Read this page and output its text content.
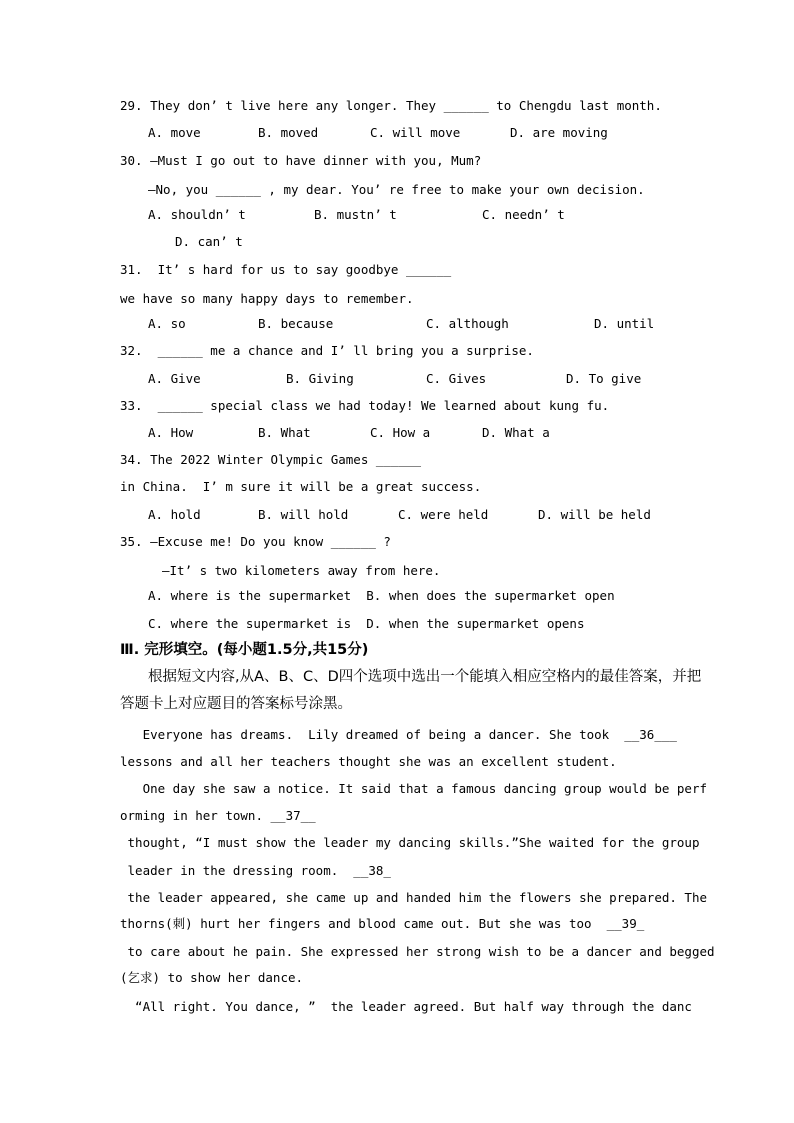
29. They don’ t live here any longer. They ______ to Chengdu last month.
A. move	B. moved	C. will move	D. are moving
30. —Must I go out to have dinner with you, Mum?
—No, you ______ , my dear. You’ re free to make your own decision.
A. shouldn’ t	B. mustn’ t	C. needn’ t
D. can’ t
31.  It’ s hard for us to say goodbye ______
we have so many happy days to remember.
A. so	B. because	C. although	D. until
32.  ______ me a chance and I’ ll bring you a surprise.
A. Give	B. Giving	C. Gives	D. To give
33.  ______ special class we had today! We learned about kung fu.
A. How	B. What	C. How a	D. What a
34. The 2022 Winter Olympic Games ______
in China.  I’ m sure it will be a great success.
A. hold	B. will hold	C. were held	D. will be held
35. —Excuse me! Do you know ______ ?
—It’ s two kilometers away from here.
A. where is the supermarket  B. when does the supermarket open
C. where the supermarket is  D. when the supermarket opens
Ⅲ. 完形填空。(每小题1.5分,共15分)
根据短文内容,从A、B、C、D四个选项中选出一个能填入相应空格内的最佳答案，并把
答题卡上对应题目的答案标号涂黑。
Everyone has dreams.  Lily dreamed of being a dancer. She took  __36___
lessons and all her teachers thought she was an excellent student.
One day she saw a notice. It said that a famous dancing group would be perf
orming in her town. __37__
thought, “I must show the leader my dancing skills.”She waited for the group
leader in the dressing room.  __38_
the leader appeared, she came up and handed him the flowers she prepared. The
thorns(刺) hurt her fingers and blood came out. But she was too  __39_
to care about he pain. She expressed her strong wish to be a dancer and begged
(乞求) to show her dance.
“All right. You dance, ”  the leader agreed. But half way through the danc
